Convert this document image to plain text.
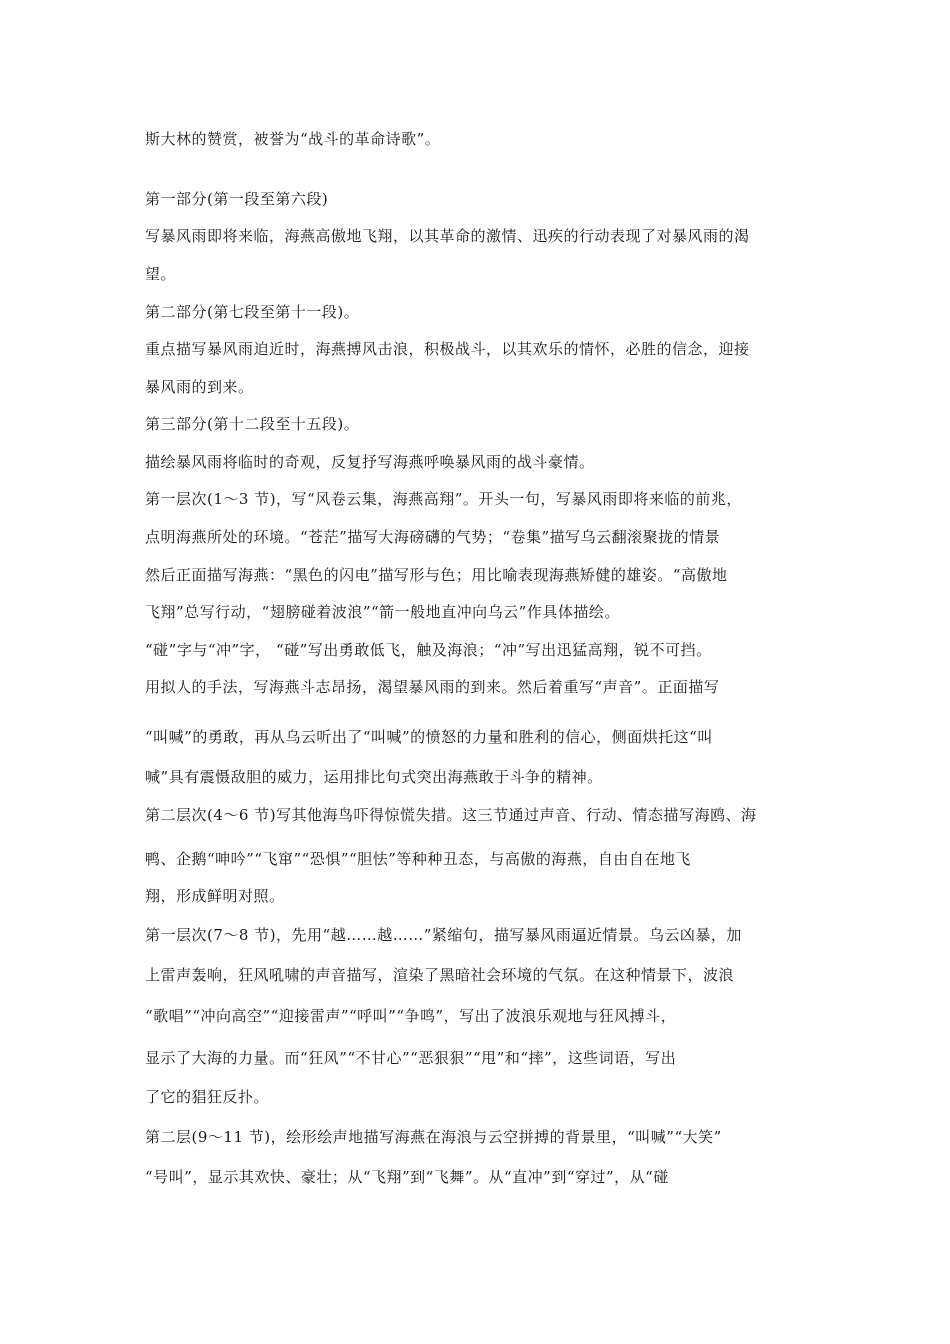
斯大林的赞赏，被誉为“战斗的革命诗歌”。
第一部分(第一段至第六段)
写暴风雨即将来临，海燕高傲地飞翔，以其革命的激情、迅疾的行动表现了对暴风雨的渴
望。
第二部分(第七段至第十一段)。
重点描写暴风雨迫近时，海燕搏风击浪，积极战斗，以其欢乐的情怀，必胜的信念，迎接
暴风雨的到来。
第三部分(第十二段至十五段)。
描绘暴风雨将临时的奇观，反复抒写海燕呼唤暴风雨的战斗豪情。
第一层次(1～3 节)，写“风卷云集，海燕高翔”。开头一句，写暴风雨即将来临的前兆，
点明海燕所处的环境。“苍茫”描写大海磅礴的气势；“卷集”描写乌云翻滚聚拢的情景
然后正面描写海燕：“黑色的闪电”描写形与色；用比喻表现海燕矫健的雄姿。“高傲地
飞翔”总写行动，“翅膀碰着波浪”“箭一般地直冲向乌云”作具体描绘。
“碰”字与“冲”字， “碰”写出勇敢低飞，触及海浪；“冲”写出迅猛高翔，锐不可挡。
用拟人的手法，写海燕斗志昂扬，渴望暴风雨的到来。然后着重写“声音”。正面描写
“叫喊”的勇敢，再从乌云听出了“叫喊”的愤怒的力量和胜利的信心，侧面烘托这“叫
喊”具有震慑敌胆的威力，运用排比句式突出海燕敢于斗争的精神。
第二层次(4～6 节)写其他海鸟吓得惊慌失措。这三节通过声音、行动、情态描写海鸥、海
鸭、企鹅“呻吟”“飞窜”“恐惧”“胆怯”等种种丑态，与高傲的海燕，自由自在地飞
翔，形成鲜明对照。
第一层次(7～8 节)，先用“越……越……”紧缩句，描写暴风雨逼近情景。乌云凶暴，加
上雷声轰响，狂风吼啸的声音描写，渲染了黑暗社会环境的气氛。在这种情景下，波浪
“歌唱”“冲向高空”“迎接雷声”“呼叫”“争鸣”，写出了波浪乐观地与狂风搏斗，
显示了大海的力量。而“狂风”“不甘心”“恶狠狠”“甩”和“摔”，这些词语，写出
了它的猖狂反扑。
第二层(9～11 节)，绘形绘声地描写海燕在海浪与云空拼搏的背景里，“叫喊”“大笑”
“号叫”，显示其欢快、豪壮；从“飞翔”到“飞舞”。从“直冲”到“穿过”，从“碰
